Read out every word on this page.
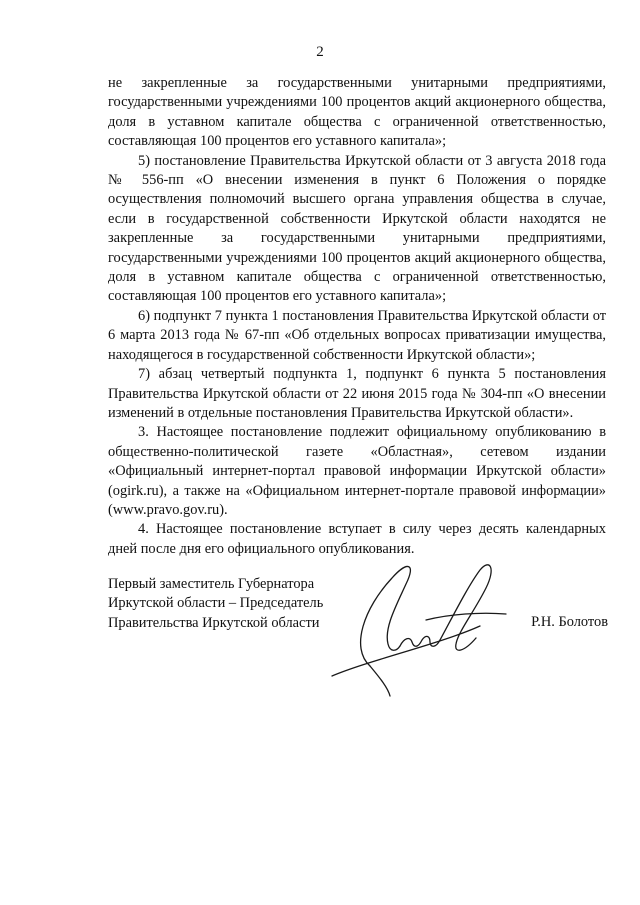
2

не закрепленные за государственными унитарными предприятиями, государственными учреждениями 100 процентов акций акционерного общества, доля в уставном капитале общества с ограниченной ответственностью, составляющая 100 процентов его уставного капитала»;

5) постановление Правительства Иркутской области от 3 августа 2018 года № 556-пп «О внесении изменения в пункт 6 Положения о порядке осуществления полномочий высшего органа управления общества в случае, если в государственной собственности Иркутской области находятся не закрепленные за государственными унитарными предприятиями, государственными учреждениями 100 процентов акций акционерного общества, доля в уставном капитале общества с ограниченной ответственностью, составляющая 100 процентов его уставного капитала»;

6) подпункт 7 пункта 1 постановления Правительства Иркутской области от 6 марта 2013 года № 67-пп «Об отдельных вопросах приватизации имущества, находящегося в государственной собственности Иркутской области»;

7) абзац четвертый подпункта 1, подпункт 6 пункта 5 постановления Правительства Иркутской области от 22 июня 2015 года № 304-пп «О внесении изменений в отдельные постановления Правительства Иркутской области».

3. Настоящее постановление подлежит официальному опубликованию в общественно-политической газете «Областная», сетевом издании «Официальный интернет-портал правовой информации Иркутской области» (ogirk.ru), а также на «Официальном интернет-портале правовой информации» (www.pravo.gov.ru).

4. Настоящее постановление вступает в силу через десять календарных дней после дня его официального опубликования.

Первый заместитель Губернатора
Иркутской области – Председатель
Правительства Иркутской области	Р.Н. Болотов
